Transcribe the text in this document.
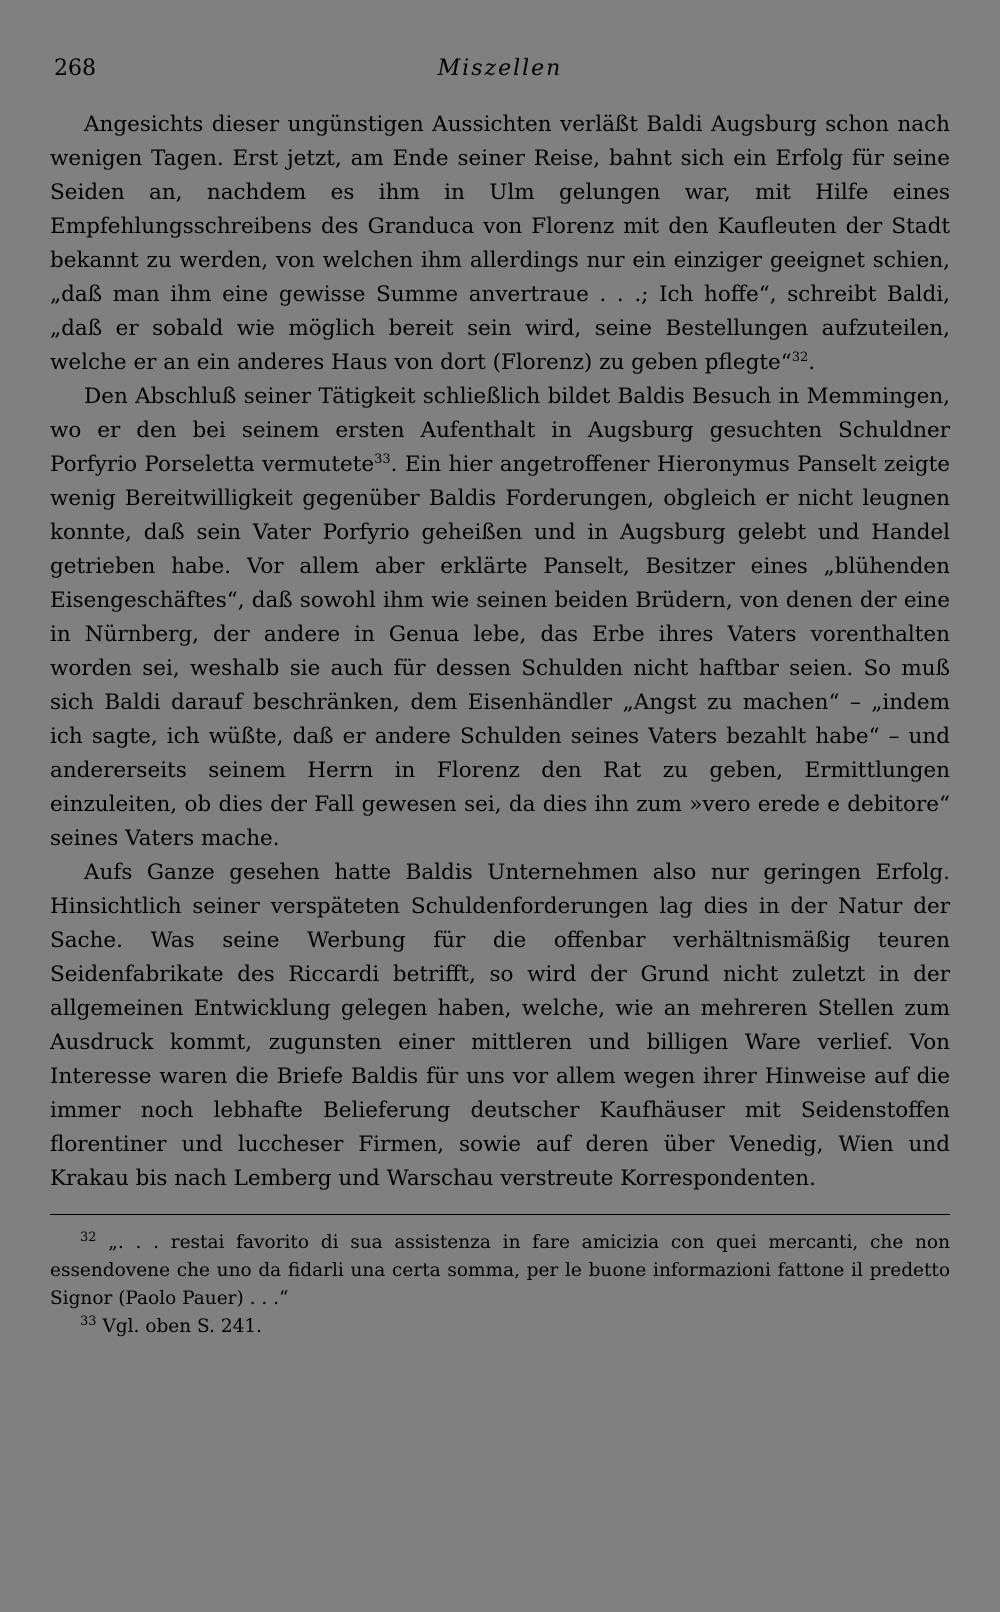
268	Miszellen

Angesichts dieser ungünstigen Aussichten verläßt Baldi Augsburg schon nach wenigen Tagen. Erst jetzt, am Ende seiner Reise, bahnt sich ein Erfolg für seine Seiden an, nachdem es ihm in Ulm gelungen war, mit Hilfe eines Empfehlungsschreibens des Granduca von Florenz mit den Kaufleuten der Stadt bekannt zu werden, von welchen ihm allerdings nur ein einziger geeignet schien, „daß man ihm eine gewisse Summe anvertraue . . .; Ich hoffe“, schreibt Baldi, „daß er sobald wie möglich bereit sein wird, seine Bestellungen aufzuteilen, welche er an ein anderes Haus von dort (Florenz) zu geben pflegte“$^{32}$.

Den Abschluß seiner Tätigkeit schließlich bildet Baldis Besuch in Memmingen, wo er den bei seinem ersten Aufenthalt in Augsburg gesuchten Schuldner Porfyrio Porseletta vermutete$^{33}$. Ein hier angetroffener Hieronymus Panselt zeigte wenig Bereitwilligkeit gegenüber Baldis Forderungen, obgleich er nicht leugnen konnte, daß sein Vater Porfyrio geheißen und in Augsburg gelebt und Handel getrieben habe. Vor allem aber erklärte Panselt, Besitzer eines „blühenden Eisengeschäftes“, daß sowohl ihm wie seinen beiden Brüdern, von denen der eine in Nürnberg, der andere in Genua lebe, das Erbe ihres Vaters vorenthalten worden sei, weshalb sie auch für dessen Schulden nicht haftbar seien. So muß sich Baldi darauf beschränken, dem Eisenhändler „Angst zu machen“ – „indem ich sagte, ich wüßte, daß er andere Schulden seines Vaters bezahlt habe“ – und andererseits seinem Herrn in Florenz den Rat zu geben, Ermittlungen einzuleiten, ob dies der Fall gewesen sei, da dies ihn zum »vero erede e debitore“ seines Vaters mache.

Aufs Ganze gesehen hatte Baldis Unternehmen also nur geringen Erfolg. Hinsichtlich seiner verspäteten Schuldenforderungen lag dies in der Natur der Sache. Was seine Werbung für die offenbar verhältnismäßig teuren Seidenfabrikate des Riccardi betrifft, so wird der Grund nicht zuletzt in der allgemeinen Entwicklung gelegen haben, welche, wie an mehreren Stellen zum Ausdruck kommt, zugunsten einer mittleren und billigen Ware verlief. Von Interesse waren die Briefe Baldis für uns vor allem wegen ihrer Hinweise auf die immer noch lebhafte Belieferung deutscher Kaufhäuser mit Seidenstoffen florentiner und luccheser Firmen, sowie auf deren über Venedig, Wien und Krakau bis nach Lemberg und Warschau verstreute Korrespondenten.

$^{32}$ „. . . restai favorito di sua assistenza in fare amicizia con quei mercanti, che non essendovene che uno da fidarli una certa somma, per le buone informazioni fattone il predetto Signor (Paolo Pauer) . . .“

$^{33}$ Vgl. oben S. 241.
